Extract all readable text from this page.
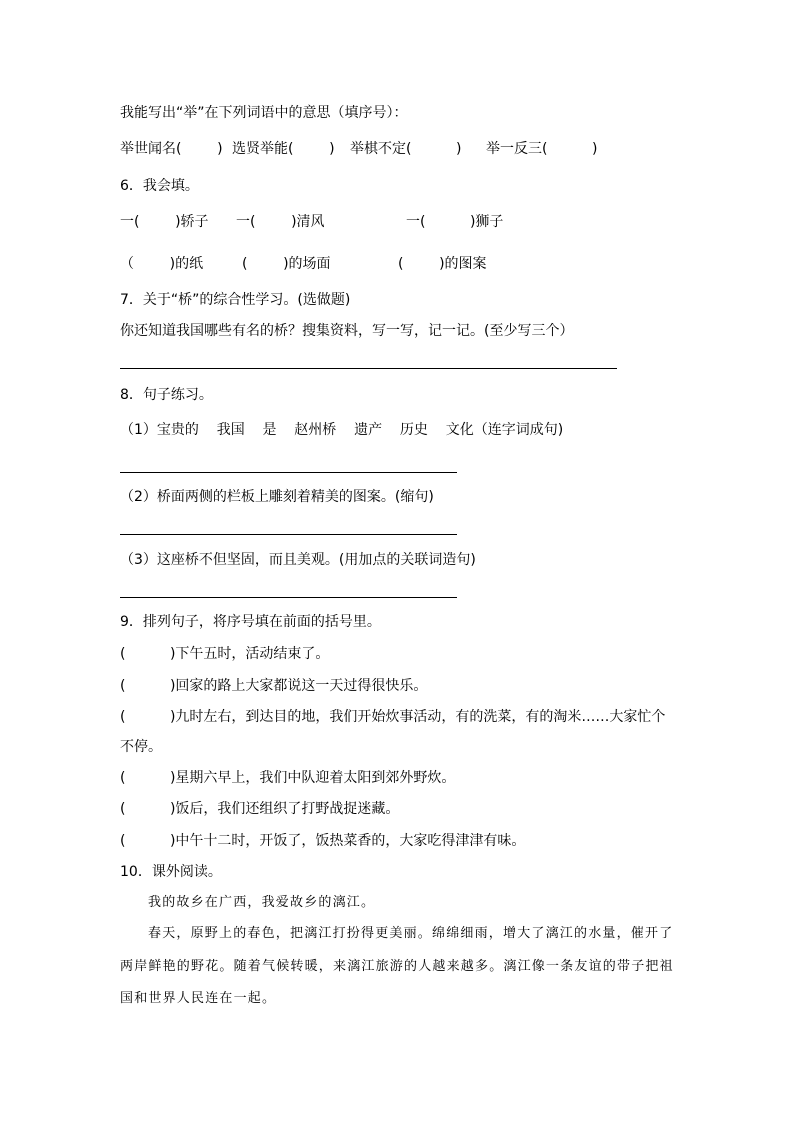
我能写出“举”在下列词语中的意思（填序号）：
举世闻名(        ) 选贤举能(        ) 举棋不定(          ) 举一反三(          )
6．我会填。
一(        )轿子 一(        )清风	一(          )狮子
（        )的纸	(        )的场面	(        )的图案
7．关于“桥”的综合性学习。(选做题)
你还知道我国哪些有名的桥？搜集资料，写一写，记一记。(至少写三个）
8．句子练习。
（1）宝贵的    我国    是    赵州桥    遗产    历史    文化（连字词成句)
（2）桥面两侧的栏板上雕刻着精美的图案。(缩句)
（3）这座桥不但坚固，而且美观。(用加点的关联词造句)
9．排列句子，将序号填在前面的括号里。
(          )下午五时，活动结束了。
(          )回家的路上大家都说这一天过得很快乐。
(          )九时左右，到达目的地，我们开始炊事活动，有的洗菜，有的淘米……大家忙个
不停。
(          )星期六早上，我们中队迎着太阳到郊外野炊。
(          )饭后，我们还组织了打野战捉迷藏。
(          )中午十二时，开饭了，饭热菜香的，大家吃得津津有味。
10．课外阅读。
我的故乡在广西，我爱故乡的漓江。
春天，原野上的春色，把漓江打扮得更美丽。绵绵细雨，增大了漓江的水量，催开了
两岸鲜艳的野花。随着气候转暖，来漓江旅游的人越来越多。漓江像一条友谊的带子把祖
国和世界人民连在一起。
